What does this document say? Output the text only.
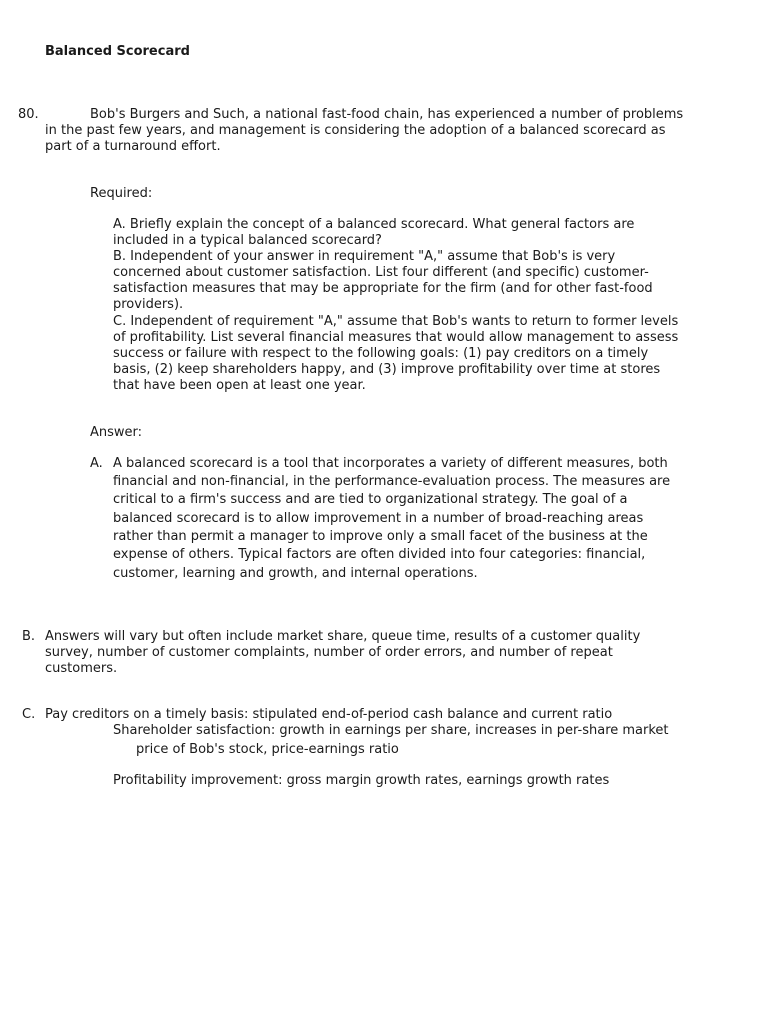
Balanced Scorecard
80.	Bob's Burgers and Such, a national fast-food chain, has experienced a number of problems
in the past few years, and management is considering the adoption of a balanced scorecard as
part of a turnaround effort.
Required:
A. Briefly explain the concept of a balanced scorecard. What general factors are
included in a typical balanced scorecard?
B. Independent of your answer in requirement "A," assume that Bob's is very
concerned about customer satisfaction. List four different (and specific) customer-
satisfaction measures that may be appropriate for the firm (and for other fast-food
providers).
C. Independent of requirement "A," assume that Bob's wants to return to former levels
of profitability. List several financial measures that would allow management to assess
success or failure with respect to the following goals: (1) pay creditors on a timely
basis, (2) keep shareholders happy, and (3) improve profitability over time at stores
that have been open at least one year.
Answer:
A. A balanced scorecard is a tool that incorporates a variety of different measures, both
financial and non-financial, in the performance-evaluation process. The measures are
critical to a firm's success and are tied to organizational strategy. The goal of a
balanced scorecard is to allow improvement in a number of broad-reaching areas
rather than permit a manager to improve only a small facet of the business at the
expense of others. Typical factors are often divided into four categories: financial,
customer, learning and growth, and internal operations.
B. Answers will vary but often include market share, queue time, results of a customer quality
survey, number of customer complaints, number of order errors, and number of repeat
customers.
C. Pay creditors on a timely basis: stipulated end-of-period cash balance and current ratio
Shareholder satisfaction: growth in earnings per share, increases in per-share market
price of Bob's stock, price-earnings ratio
Profitability improvement: gross margin growth rates, earnings growth rates
